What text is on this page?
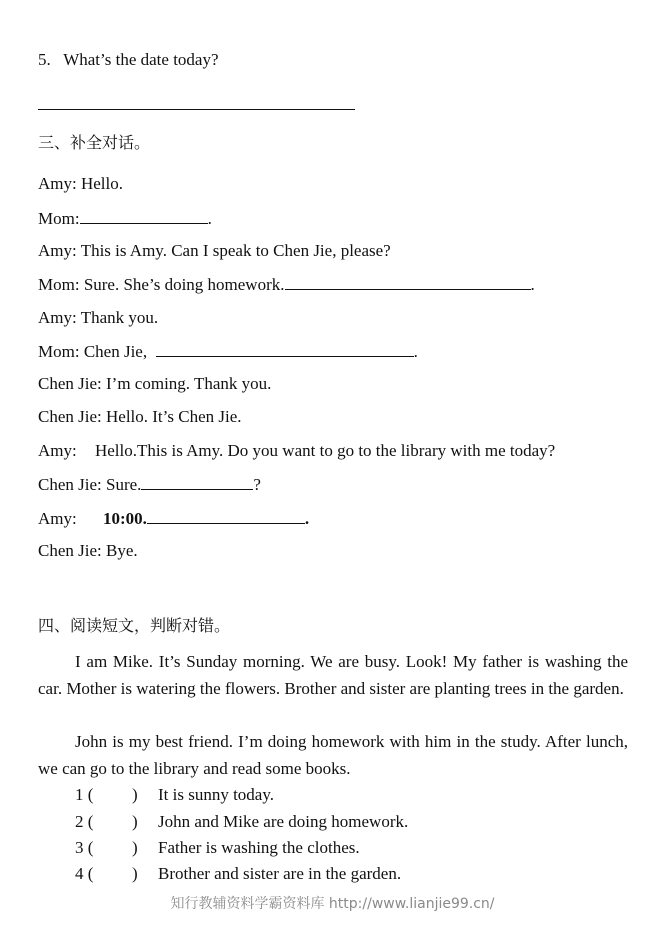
5. What’s the date today?
三、补全对话。
Amy: Hello.
Mom:	.
Amy: This is Amy. Can I speak to Chen Jie, please?
Mom: Sure. She’s doing homework.	.
Amy: Thank you.
Mom: Chen Jie,	.
Chen Jie: I’m coming. Thank you.
Chen Jie: Hello. It’s Chen Jie.
Amy: Hello.This is Amy. Do you want to go to the library with me today?
Chen Jie: Sure.	?
Amy: 10:00.	.
Chen Jie: Bye.
四、阅读短文，判断对错。
I am Mike. It’s Sunday morning. We are busy. Look! My father is washing the car. Mother is watering the flowers. Brother and sister are planting trees in the garden.
John is my best friend. I’m doing homework with him in the study. After lunch, we can go to the library and read some books.
1 ( ) It is sunny today.
2 ( ) John and Mike are doing homework.
3 ( ) Father is washing the clothes.
4 ( ) Brother and sister are in the garden.
知行教辅资料学霸资料库 http://www.lianjie99.cn/
